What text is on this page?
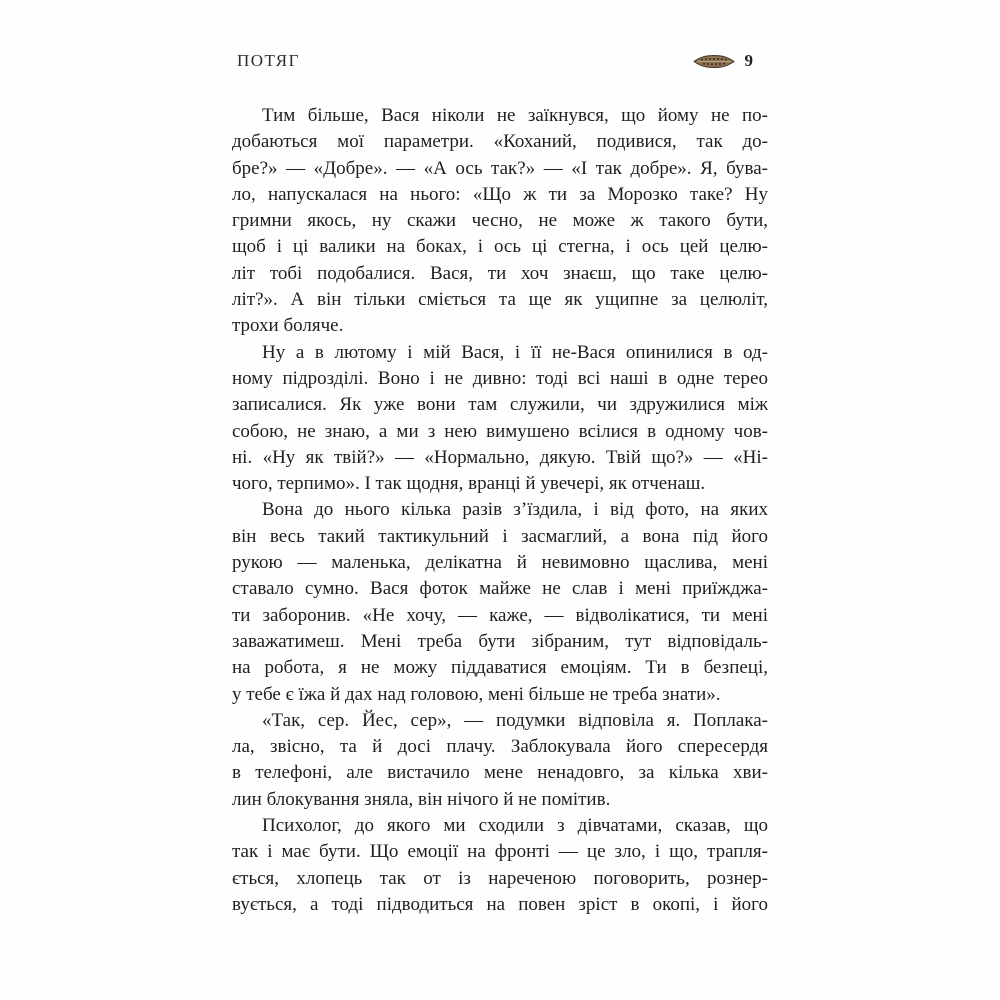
ПОТЯГ	9
Тим більше, Вася ніколи не заїкнувся, що йому не по-
добаються мої параметри. «Коханий, подивися, так до-
бре?» — «Добре». — «А ось так?» — «І так добре». Я, бува-
ло, напускалася на нього: «Що ж ти за Морозко таке? Ну
гримни якось, ну скажи чесно, не може ж такого бути,
щоб і ці валики на боках, і ось ці стегна, і ось цей целю-
літ тобі подобалися. Вася, ти хоч знаєш, що таке целю-
літ?». А він тільки сміється та ще як ущипне за целюліт,
трохи боляче.
Ну а в лютому і мій Вася, і її не-Вася опинилися в од-
ному підрозділі. Воно і не дивно: тоді всі наші в одне терео
записалися. Як уже вони там служили, чи здружилися між
собою, не знаю, а ми з нею вимушено всілися в одному чов-
ні. «Ну як твій?» — «Нормально, дякую. Твій що?» — «Ні-
чого, терпимо». І так щодня, вранці й увечері, як отченаш.
Вона до нього кілька разів з’їздила, і від фото, на яких
він весь такий тактикульний і засмаглий, а вона під його
рукою — маленька, делікатна й невимовно щаслива, мені
ставало сумно. Вася фоток майже не слав і мені приїжджа-
ти заборонив. «Не хочу, — каже, — відволікатися, ти мені
заважатимеш. Мені треба бути зібраним, тут відповідаль-
на робота, я не можу піддаватися емоціям. Ти в безпеці,
у тебе є їжа й дах над головою, мені більше не треба знати».
«Так, сер. Йес, сер», — подумки відповіла я. Поплака-
ла, звісно, та й досі плачу. Заблокувала його спересердя
в телефоні, але вистачило мене ненадовго, за кілька хви-
лин блокування зняла, він нічого й не помітив.
Психолог, до якого ми сходили з дівчатами, сказав, що
так і має бути. Що емоції на фронті — це зло, і що, трапля-
ється, хлопець так от із нареченою поговорить, рознер-
вується, а тоді підводиться на повен зріст в окопі, і його
